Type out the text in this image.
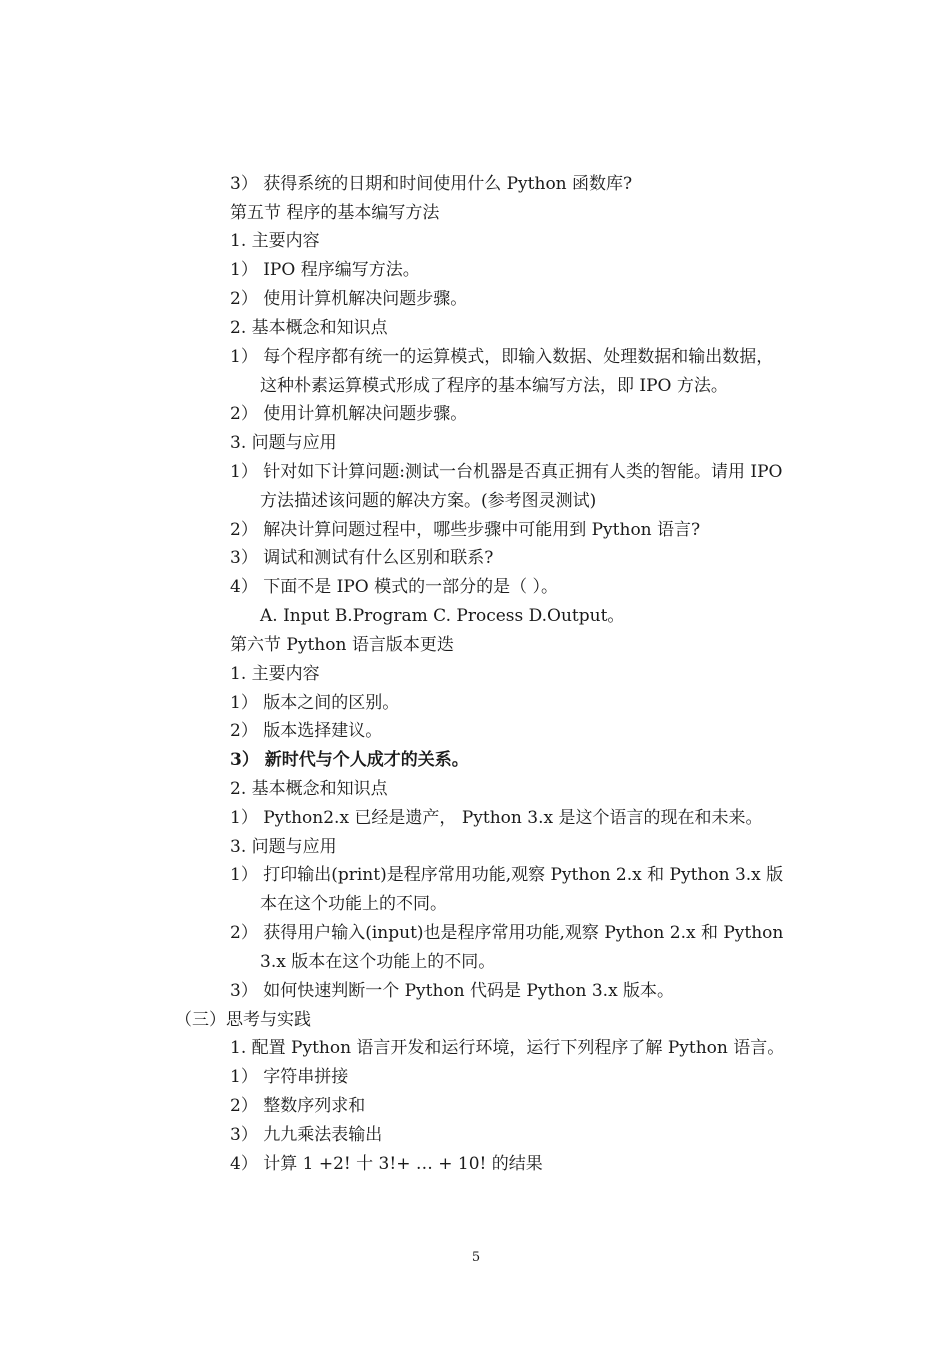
3） 获得系统的日期和时间使用什么 Python 函数库?
第五节 程序的基本编写方法
1. 主要内容
1） IPO 程序编写方法。
2） 使用计算机解决问题步骤。
2. 基本概念和知识点
1） 每个程序都有统一的运算模式，即输入数据、处理数据和输出数据，
这种朴素运算模式形成了程序的基本编写方法，即 IPO 方法。
2） 使用计算机解决问题步骤。
3. 问题与应用
1） 针对如下计算问题:测试一台机器是否真正拥有人类的智能。请用 IPO
方法描述该问题的解决方案。(参考图灵测试)
2） 解决计算问题过程中，哪些步骤中可能用到 Python 语言?
3） 调试和测试有什么区别和联系?
4） 下面不是 IPO 模式的一部分的是（ ）。
A. Input B.Program C. Process D.Output。
第六节 Python 语言版本更迭
1. 主要内容
1） 版本之间的区别。
2） 版本选择建议。
3） 新时代与个人成才的关系。
2. 基本概念和知识点
1） Python2.x 已经是遗产， Python 3.x 是这个语言的现在和未来。
3. 问题与应用
1） 打印输出(print)是程序常用功能,观察 Python 2.x 和 Python 3.x 版
本在这个功能上的不同。
2） 获得用户输入(input)也是程序常用功能,观察 Python 2.x 和 Python
3.x 版本在这个功能上的不同。
3） 如何快速判断一个 Python 代码是 Python 3.x 版本。
（三）思考与实践
1. 配置 Python 语言开发和运行环境，运行下列程序了解 Python 语言。
1） 字符串拼接
2） 整数序列求和
3） 九九乘法表输出
4） 计算 1 +2! 十 3!+ … + 10! 的结果
5
